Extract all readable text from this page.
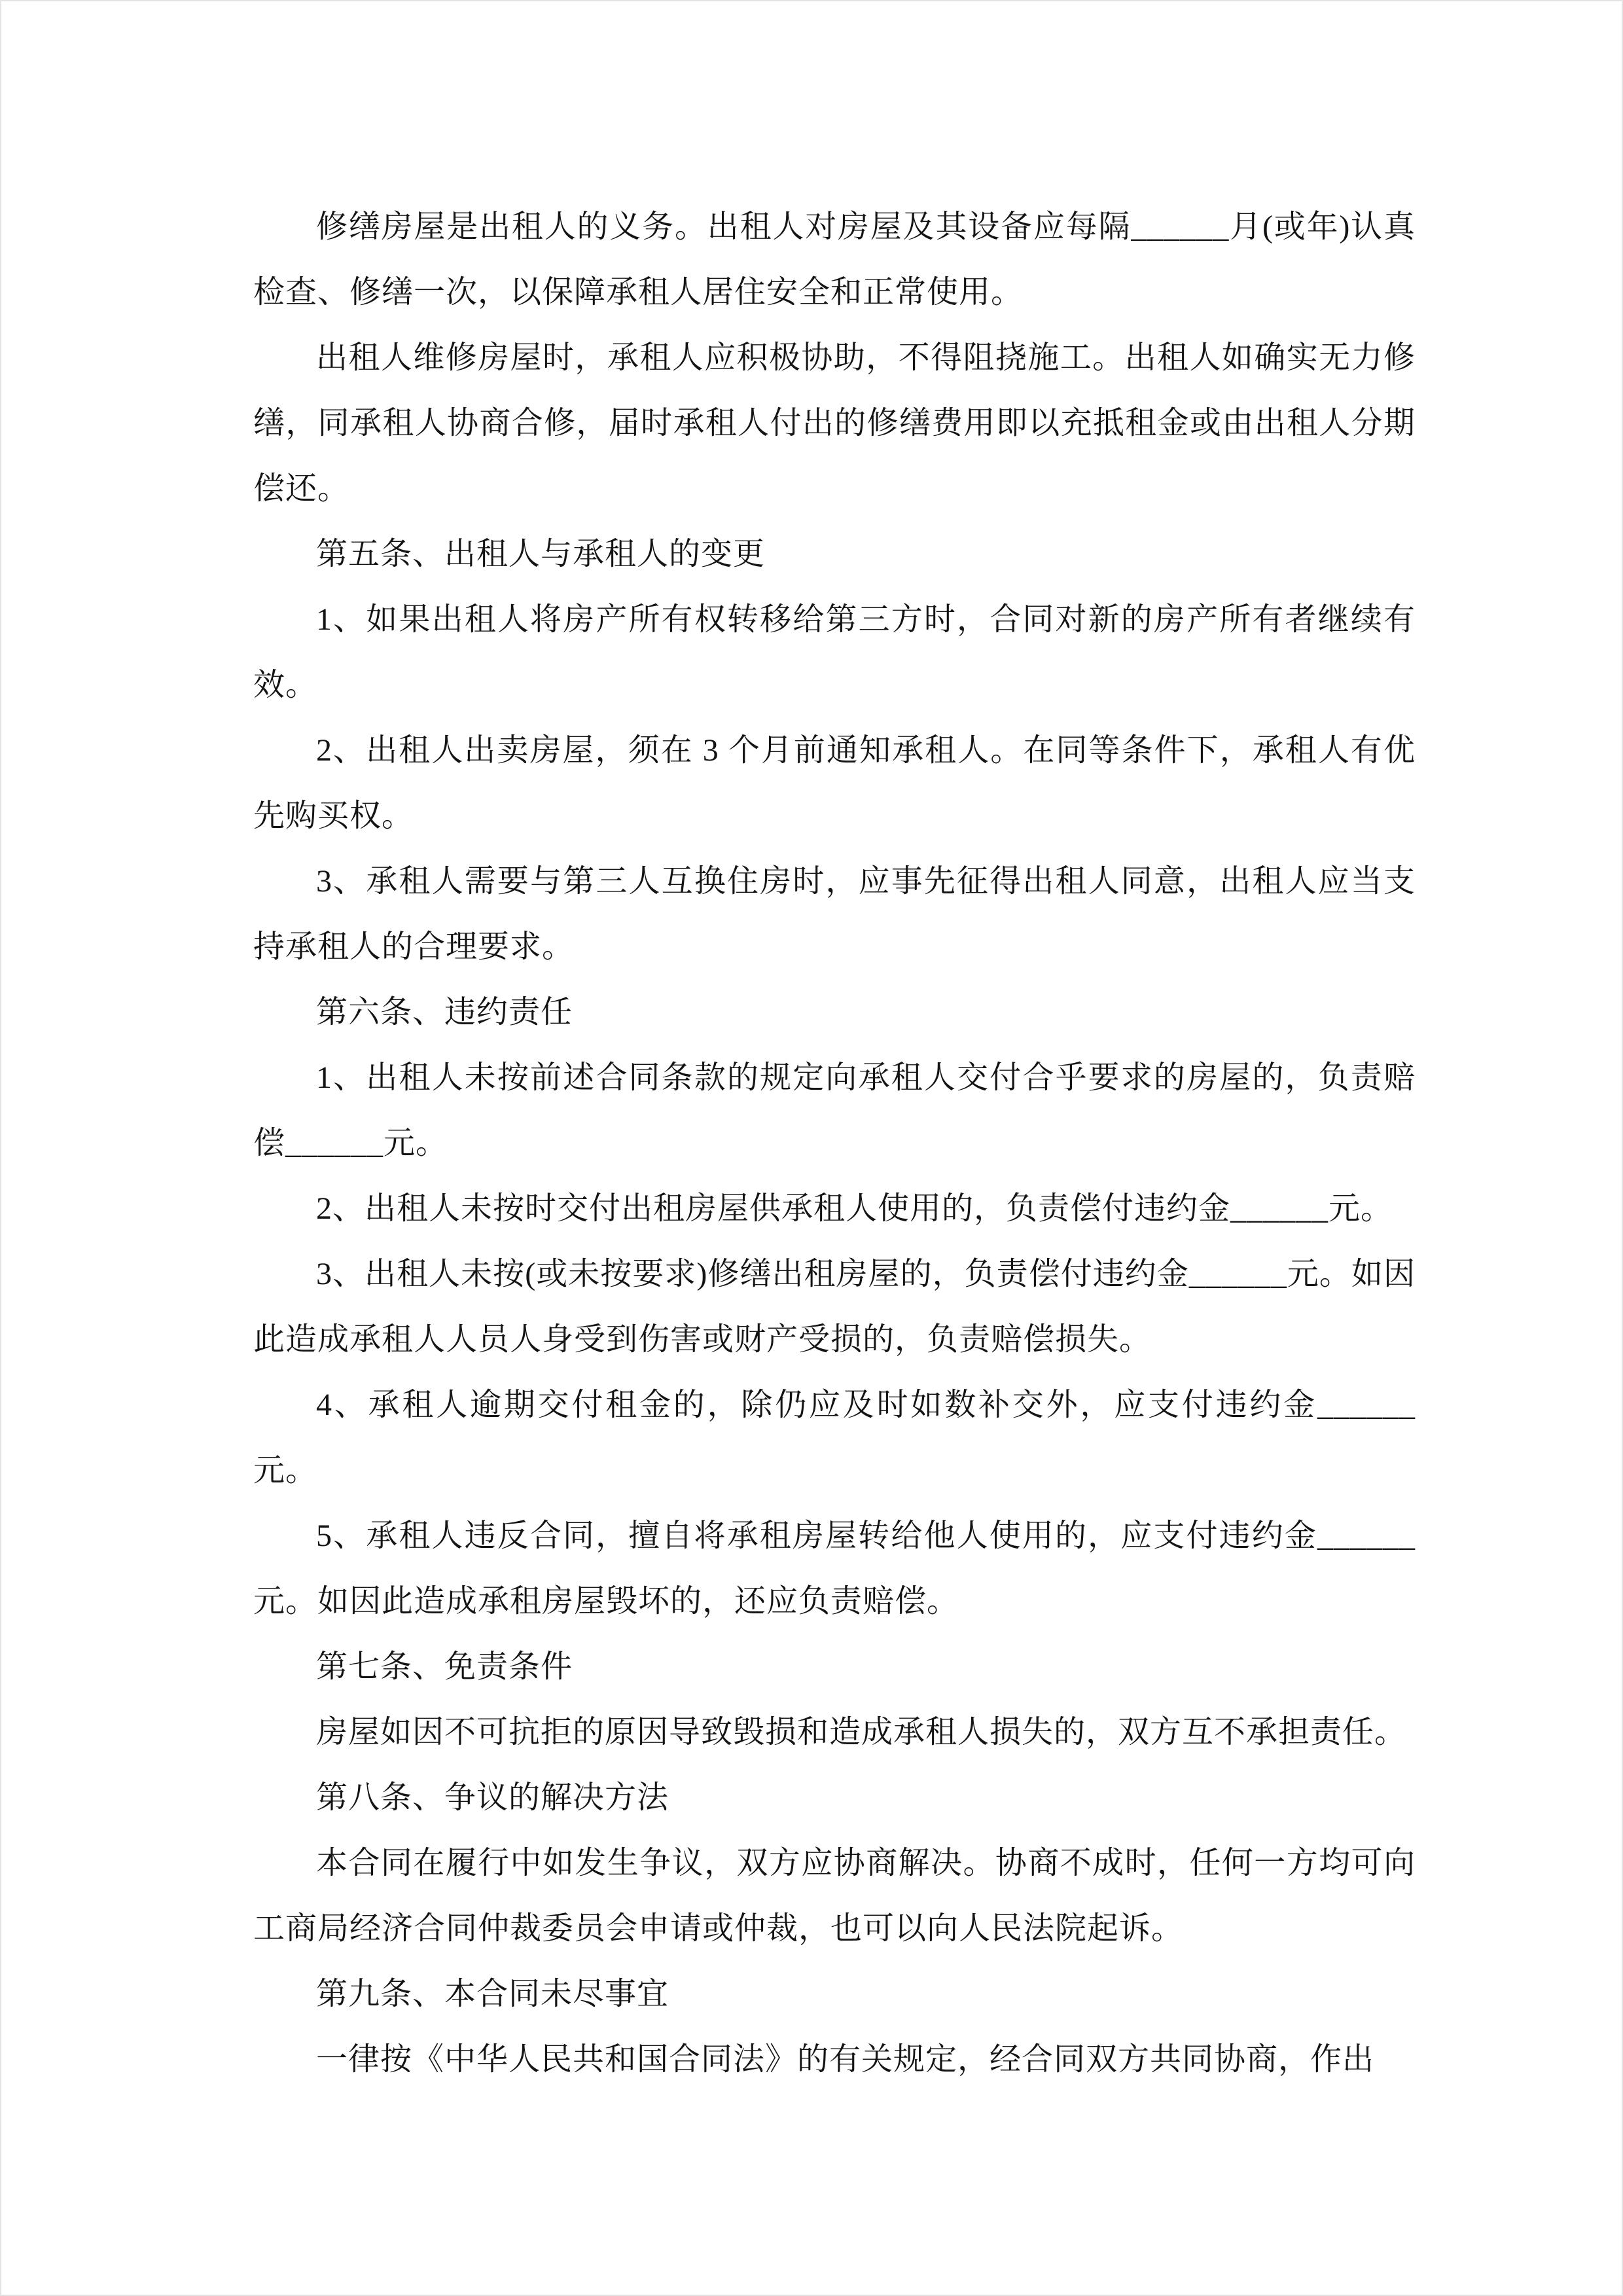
修缮房屋是出租人的义务。出租人对房屋及其设备应每隔______月(或年)认真检查、修缮一次，以保障承租人居住安全和正常使用。

出租人维修房屋时，承租人应积极协助，不得阻挠施工。出租人如确实无力修缮，同承租人协商合修，届时承租人付出的修缮费用即以充抵租金或由出租人分期偿还。

第五条、出租人与承租人的变更

1、如果出租人将房产所有权转移给第三方时，合同对新的房产所有者继续有效。

2、出租人出卖房屋，须在 3 个月前通知承租人。在同等条件下，承租人有优先购买权。

3、承租人需要与第三人互换住房时，应事先征得出租人同意，出租人应当支持承租人的合理要求。

第六条、违约责任

1、出租人未按前述合同条款的规定向承租人交付合乎要求的房屋的，负责赔偿______元。

2、出租人未按时交付出租房屋供承租人使用的，负责偿付违约金______元。

3、出租人未按(或未按要求)修缮出租房屋的，负责偿付违约金______元。如因此造成承租人人员人身受到伤害或财产受损的，负责赔偿损失。

4、承租人逾期交付租金的，除仍应及时如数补交外，应支付违约金______元。

5、承租人违反合同，擅自将承租房屋转给他人使用的，应支付违约金______元。如因此造成承租房屋毁坏的，还应负责赔偿。

第七条、免责条件

房屋如因不可抗拒的原因导致毁损和造成承租人损失的，双方互不承担责任。

第八条、争议的解决方法

本合同在履行中如发生争议，双方应协商解决。协商不成时，任何一方均可向工商局经济合同仲裁委员会申请或仲裁，也可以向人民法院起诉。

第九条、本合同未尽事宜

一律按《中华人民共和国合同法》的有关规定，经合同双方共同协商，作出
